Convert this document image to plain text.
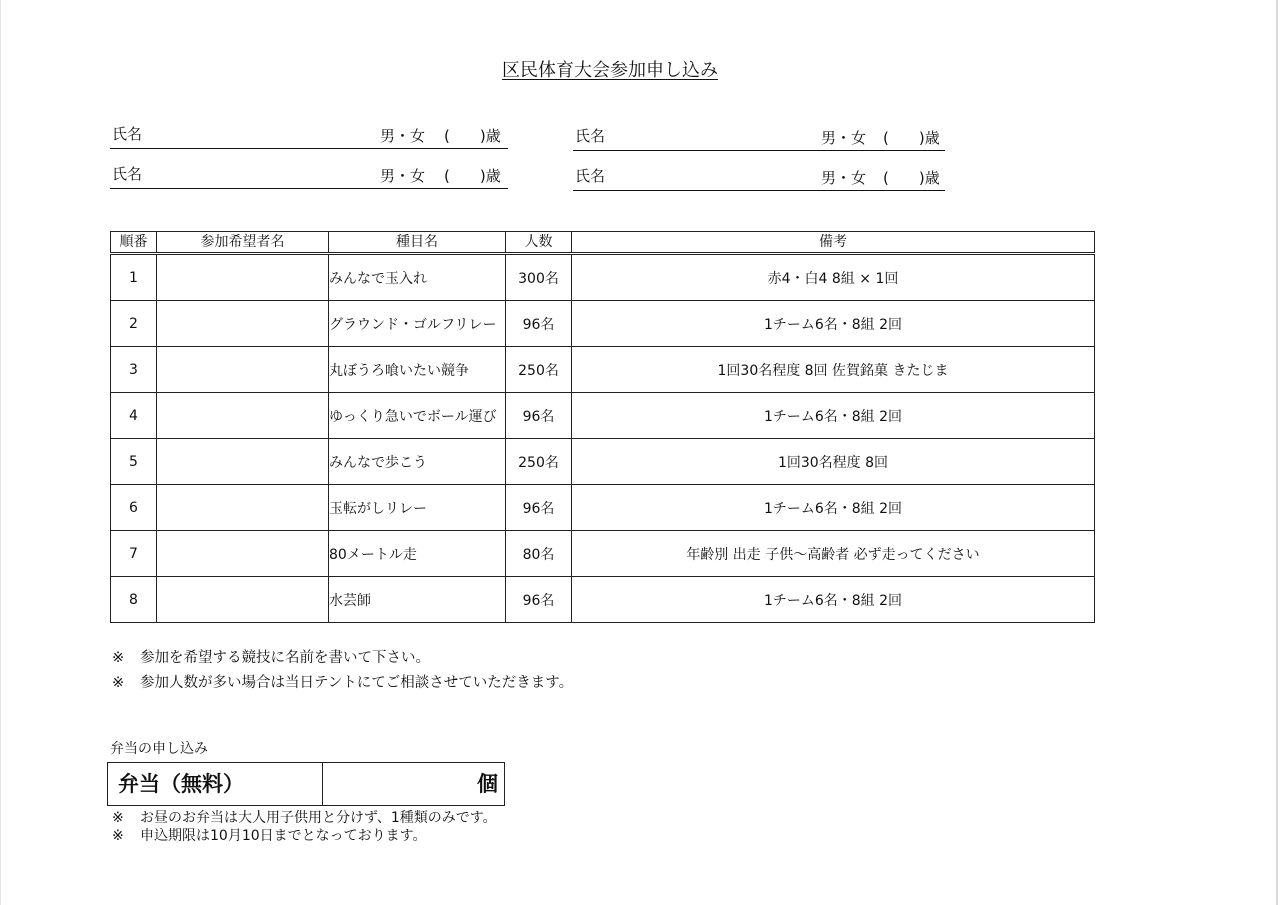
区民体育大会参加申し込み
氏名	男・女 (　　)歳	氏名	男・女 (　　)歳
氏名	男・女 (　　)歳	氏名	男・女 (　　)歳
順番	参加希望者名	種目名	人数	備考
1		みんなで玉入れ	300名	赤4・白4 8組 × 1回
2		グラウンド・ゴルフリレー	96名	1チーム6名・8組 2回
3		丸ぼうろ喰いたい競争	250名	1回30名程度 8回 佐賀銘菓 きたじま
4		ゆっくり急いでボール運び	96名	1チーム6名・8組 2回
5		みんなで歩こう	250名	1回30名程度 8回
6		玉転がしリレー	96名	1チーム6名・8組 2回
7		80メートル走	80名	年齢別 出走 子供～高齢者 必ず走ってください
8		水芸師	96名	1チーム6名・8組 2回
※ 参加を希望する競技に名前を書いて下さい。
※ 参加人数が多い場合は当日テントにてご相談させていただきます。
弁当の申し込み
弁当（無料）	個
※ お昼のお弁当は大人用子供用と分けず、1種類のみです。
※ 申込期限は10月10日までとなっております。
